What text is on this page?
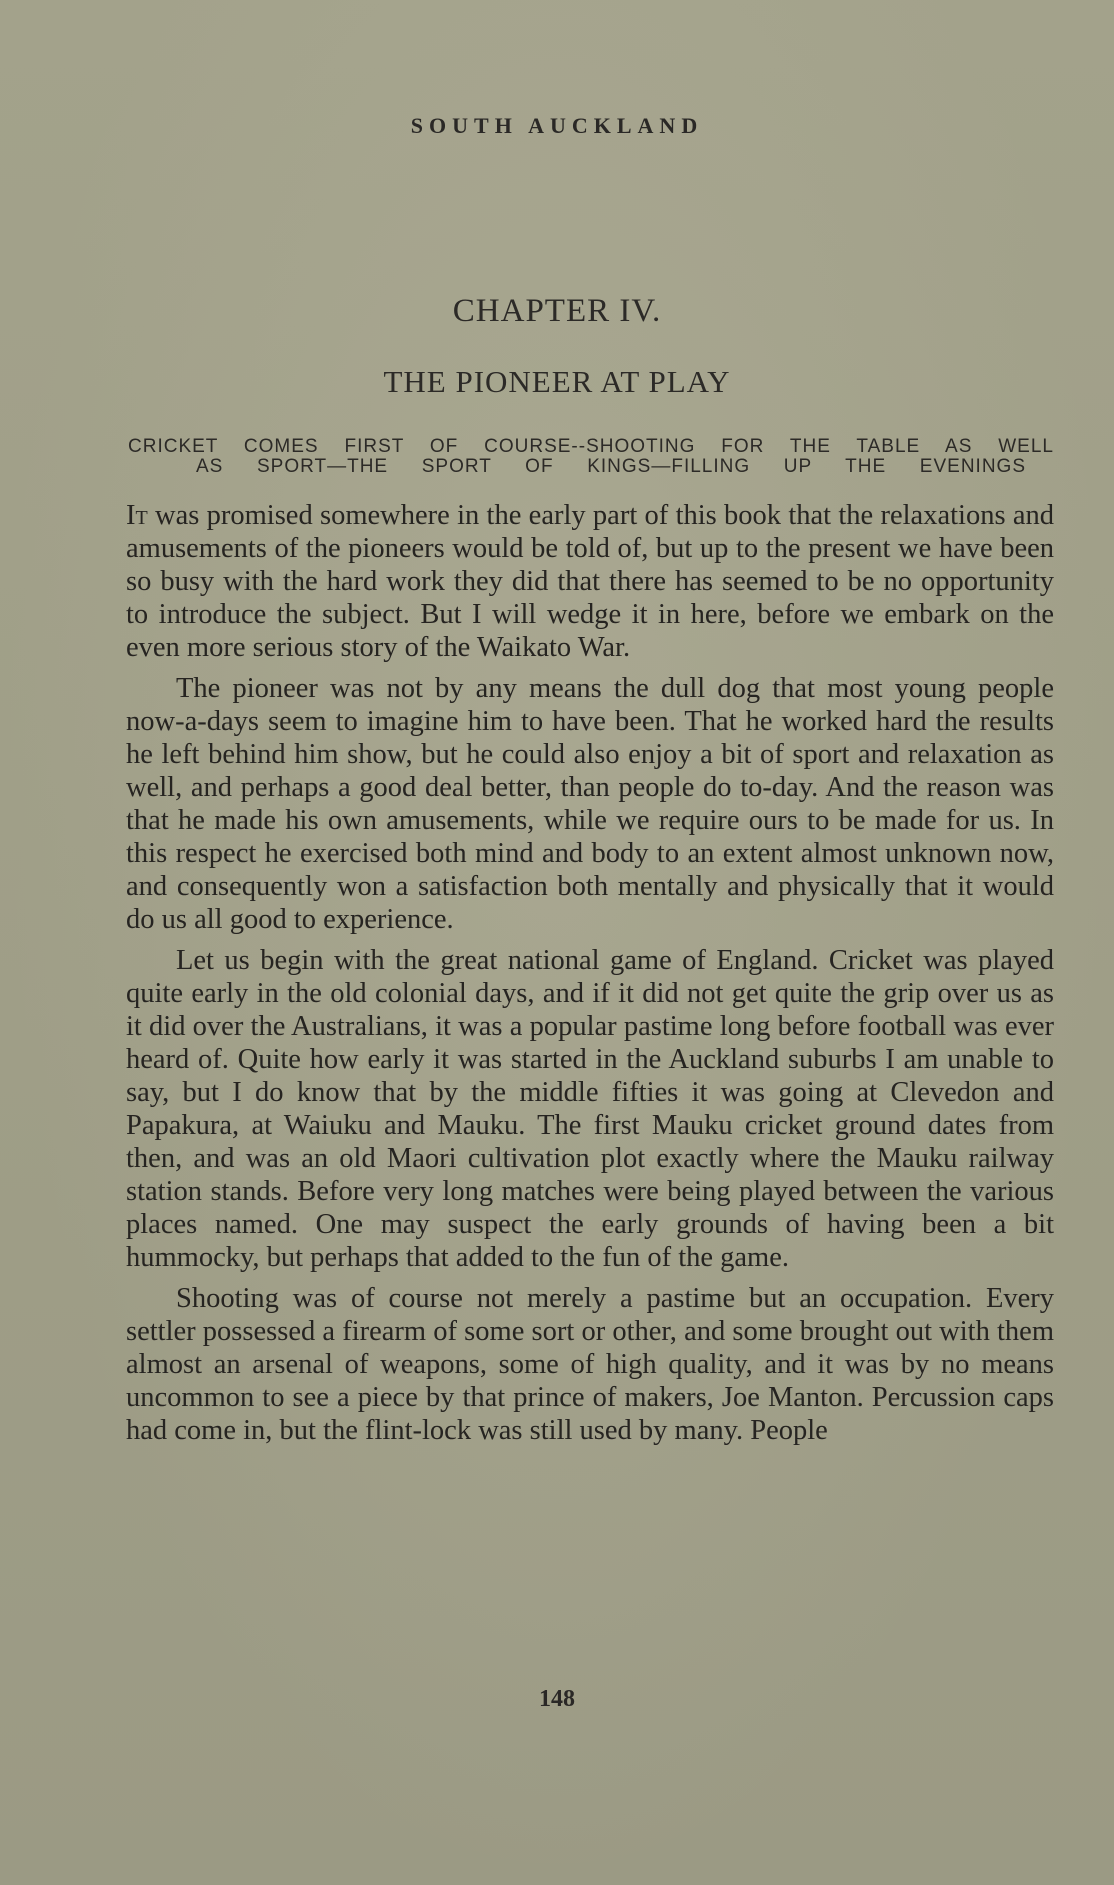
SOUTH AUCKLAND
CHAPTER IV.
THE PIONEER AT PLAY
CRICKET COMES FIRST OF COURSE--SHOOTING FOR THE TABLE AS WELL
AS SPORT—THE SPORT OF KINGS—FILLING UP THE EVENINGS

It was promised somewhere in the early part of this book that the relaxations and amusements of the pioneers would be told of, but up to the present we have been so busy with the hard work they did that there has seemed to be no opportunity to introduce the subject. But I will wedge it in here, before we embark on the even more serious story of the Waikato War.

The pioneer was not by any means the dull dog that most young people now-a-days seem to imagine him to have been. That he worked hard the results he left behind him show, but he could also enjoy a bit of sport and relaxation as well, and perhaps a good deal better, than people do to-day. And the reason was that he made his own amusements, while we require ours to be made for us. In this respect he exercised both mind and body to an extent almost unknown now, and consequently won a satisfaction both mentally and physically that it would do us all good to experience.

Let us begin with the great national game of England. Cricket was played quite early in the old colonial days, and if it did not get quite the grip over us as it did over the Australians, it was a popular pastime long before football was ever heard of. Quite how early it was started in the Auckland suburbs I am unable to say, but I do know that by the middle fifties it was going at Clevedon and Papakura, at Waiuku and Mauku. The first Mauku cricket ground dates from then, and was an old Maori cultivation plot exactly where the Mauku railway station stands. Before very long matches were being played between the various places named. One may suspect the early grounds of having been a bit hummocky, but perhaps that added to the fun of the game.

Shooting was of course not merely a pastime but an occupation. Every settler possessed a firearm of some sort or other, and some brought out with them almost an arsenal of weapons, some of high quality, and it was by no means uncommon to see a piece by that prince of makers, Joe Manton. Percussion caps had come in, but the flint-lock was still used by many. People

148
